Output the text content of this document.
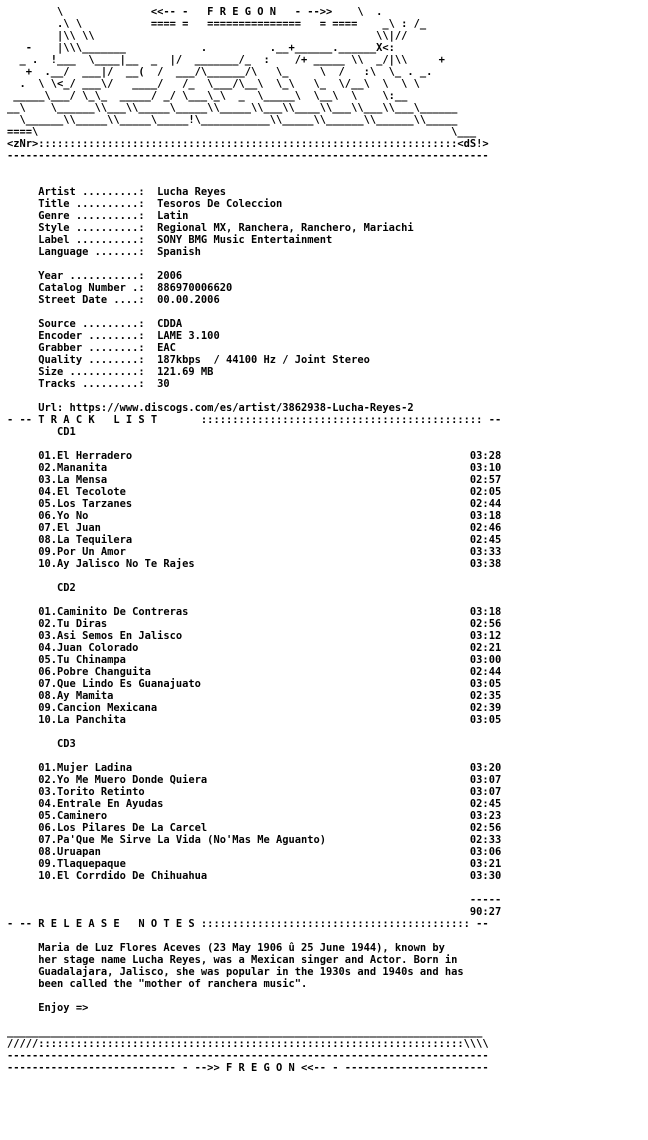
\              <<-- -   F R E G O N   - -->>    \  .
.\ \           ==== =   ===============   = ====    _\ : /_
|\\ \\                                             \\|//
-    |\\\_______            .          .__+______.______X<:
_ .  !___  \____|__  _  |/  _______/_  :    /+ _____ \\  _/|\\     +
+  .__/  ___|/  __(  /  ___/\______/\   \_     \  /   :\  \_ . _.
.  \ \<_/ ___\/   ____/   /_  \___/\__\  \_\   \_  \/__\  \  \ \
_____\___/ \_\_  _____/ _/ \___\_\  _  \_____\  \__\  \    \:__
__\    \______\\___\\_____\_____\\_____\\___\\____\\___\\___\\___\______
\______\\_____\\_____\_____!\___________\\_____\\______\\______\\_____
====\                                                                  \___
<zNr>:::::::::::::::::::::::::::::::::::::::::::::::::::::::::::::::::::<dS!>
-----------------------------------------------------------------------------
Artist .........:  Lucha Reyes
Title ..........:  Tesoros De Coleccion
Genre ..........:  Latin
Style ..........:  Regional MX, Ranchera, Ranchero, Mariachi
Label ..........:  SONY BMG Music Entertainment
Language .......:  Spanish
Year ...........:  2006
Catalog Number .:  886970006620
Street Date ....:  00.00.2006
Source .........:  CDDA
Encoder ........:  LAME 3.100
Grabber ........:  EAC
Quality ........:  187kbps  / 44100 Hz / Joint Stereo
Size ...........:  121.69 MB
Tracks .........:  30
Url: https://www.discogs.com/es/artist/3862938-Lucha-Reyes-2
- -- T R A C K   L I S T       ::::::::::::::::::::::::::::::::::::::::::::: --
CD1
01.El Herradero                                                      03:28
02.Mananita                                                          03:10
03.La Mensa                                                          02:57
04.El Tecolote                                                       02:05
05.Los Tarzanes                                                      02:44
06.Yo No                                                             03:18
07.El Juan                                                           02:46
08.La Tequilera                                                      02:45
09.Por Un Amor                                                       03:33
10.Ay Jalisco No Te Rajes                                            03:38
CD2
01.Caminito De Contreras                                             03:18
02.Tu Diras                                                          02:56
03.Asi Semos En Jalisco                                              03:12
04.Juan Colorado                                                     02:21
05.Tu Chinampa                                                       03:00
06.Pobre Changuita                                                   02:44
07.Que Lindo Es Guanajuato                                           03:05
08.Ay Mamita                                                         02:35
09.Cancion Mexicana                                                  02:39
10.La Panchita                                                       03:05
CD3
01.Mujer Ladina                                                      03:20
02.Yo Me Muero Donde Quiera                                          03:07
03.Torito Retinto                                                    03:07
04.Entrale En Ayudas                                                 02:45
05.Caminero                                                          03:23
06.Los Pilares De La Carcel                                          02:56
07.Pa'Que Me Sirve La Vida (No'Mas Me Aguanto)                       02:33
08.Uruapan                                                           03:06
09.Tlaquepaque                                                       03:21
10.El Corrdido De Chihuahua                                          03:30
-----
90:27
- -- R E L E A S E   N O T E S ::::::::::::::::::::::::::::::::::::::::::: --
Maria de Luz Flores Aceves (23 May 1906 û 25 June 1944), known by
her stage name Lucha Reyes, was a Mexican singer and Actor. Born in
Guadalajara, Jalisco, she was popular in the 1930s and 1940s and has
been called the "mother of ranchera music".
Enjoy =>
____________________________________________________________________________
/////::::::::::::::::::::::::::::::::::::::::::::::::::::::::::::::::::::\\\\
-----------------------------------------------------------------------------
--------------------------- - -->> F R E G O N <<-- - -----------------------
